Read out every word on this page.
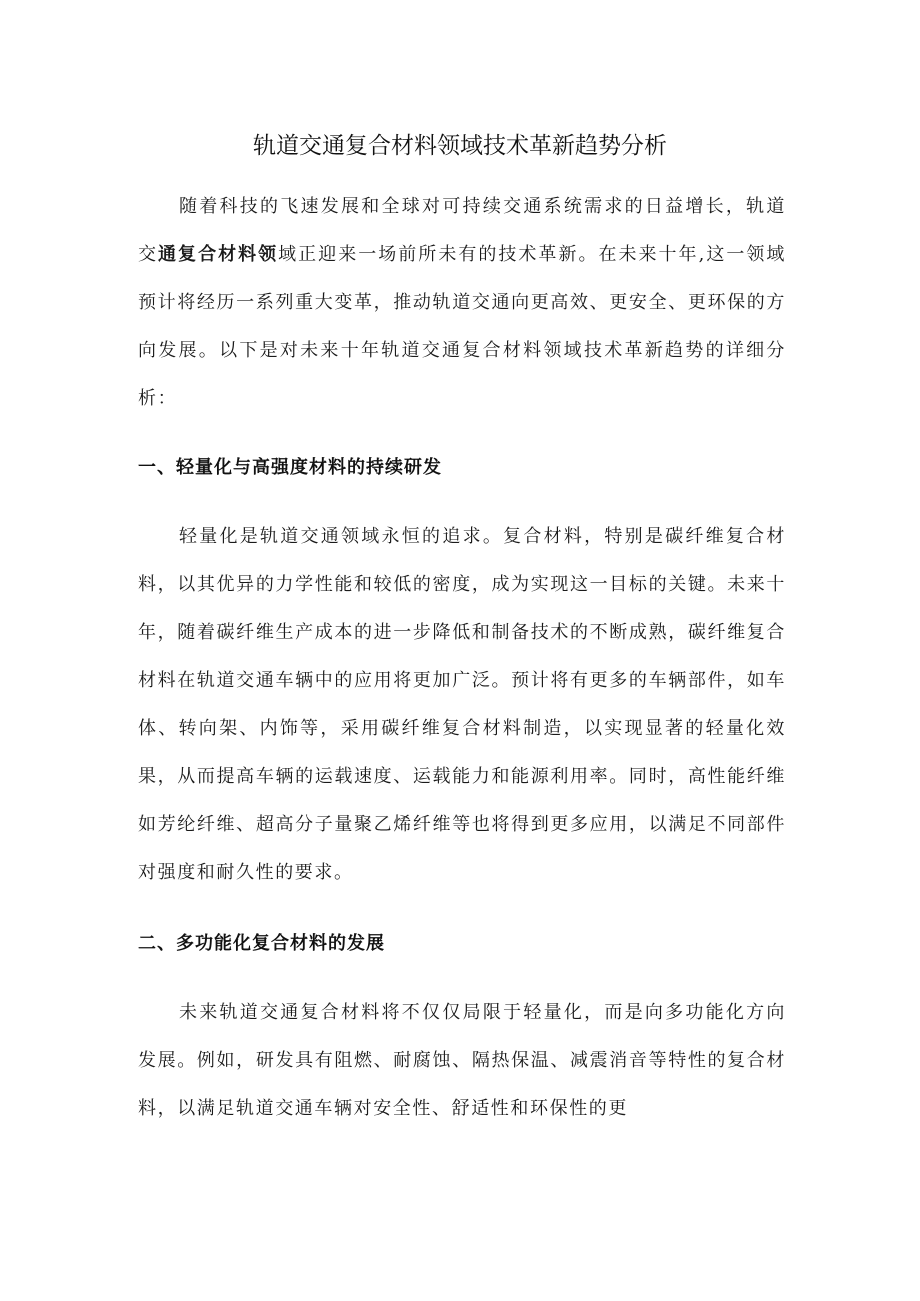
轨道交通复合材料领域技术革新趋势分析

随着科技的飞速发展和全球对可持续交通系统需求的日益增长，轨道交通复合材料领域正迎来一场前所未有的技术革新。在未来十年,这一领域预计将经历一系列重大变革，推动轨道交通向更高效、更安全、更环保的方向发展。以下是对未来十年轨道交通复合材料领域技术革新趋势的详细分析：

一、轻量化与高强度材料的持续研发

轻量化是轨道交通领域永恒的追求。复合材料，特别是碳纤维复合材料，以其优异的力学性能和较低的密度，成为实现这一目标的关键。未来十年，随着碳纤维生产成本的进一步降低和制备技术的不断成熟，碳纤维复合材料在轨道交通车辆中的应用将更加广泛。预计将有更多的车辆部件，如车体、转向架、内饰等，采用碳纤维复合材料制造，以实现显著的轻量化效果，从而提高车辆的运载速度、运载能力和能源利用率。同时，高性能纤维如芳纶纤维、超高分子量聚乙烯纤维等也将得到更多应用，以满足不同部件对强度和耐久性的要求。

二、多功能化复合材料的发展

未来轨道交通复合材料将不仅仅局限于轻量化，而是向多功能化方向发展。例如，研发具有阻燃、耐腐蚀、隔热保温、减震消音等特性的复合材料，以满足轨道交通车辆对安全性、舒适性和环保性的更
